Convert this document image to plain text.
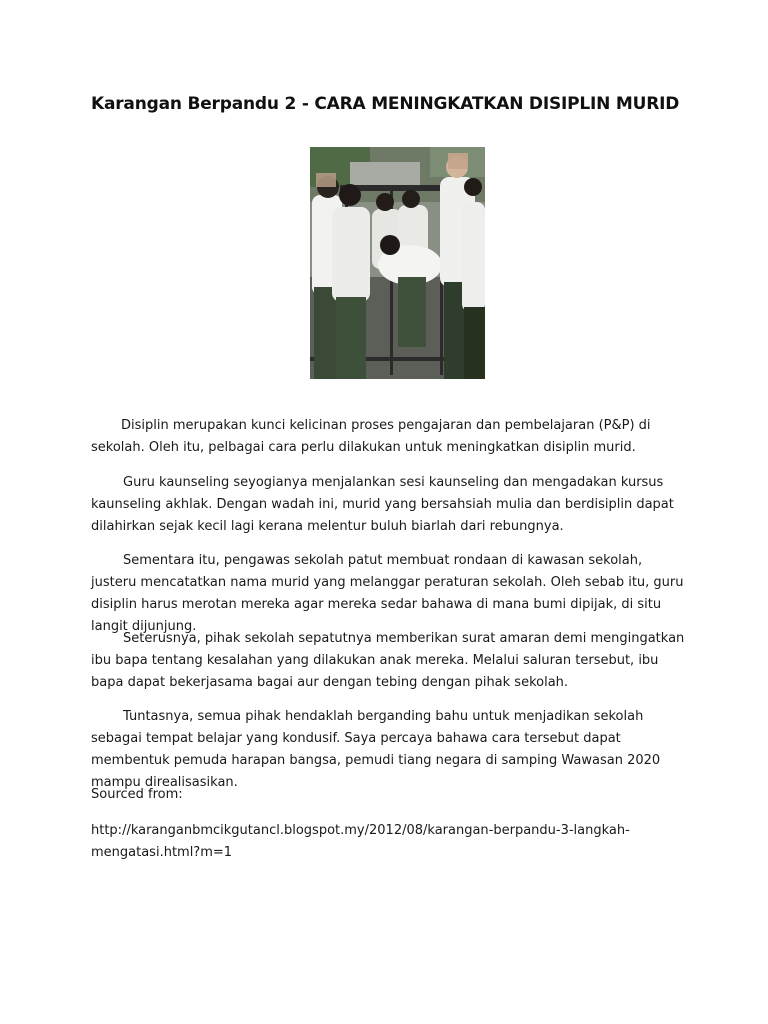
Karangan Berpandu 2 - CARA MENINGKATKAN DISIPLIN MURID

Disiplin merupakan kunci kelicinan proses pengajaran dan pembelajaran (P&P) di sekolah. Oleh itu, pelbagai cara perlu dilakukan untuk meningkatkan disiplin murid.

Guru kaunseling seyogianya menjalankan sesi kaunseling dan mengadakan kursus kaunseling akhlak. Dengan wadah ini, murid yang bersahsiah mulia dan berdisiplin dapat dilahirkan sejak kecil lagi kerana melentur buluh biarlah dari rebungnya.

Sementara itu, pengawas sekolah patut membuat rondaan di kawasan sekolah, justeru mencatatkan nama murid yang melanggar peraturan sekolah. Oleh sebab itu, guru disiplin harus merotan mereka agar mereka sedar bahawa di mana bumi dipijak, di situ langit dijunjung.

Seterusnya, pihak sekolah sepatutnya memberikan surat amaran demi mengingatkan ibu bapa tentang kesalahan yang dilakukan anak mereka. Melalui saluran tersebut, ibu bapa dapat bekerjasama bagai aur dengan tebing dengan pihak sekolah.

Tuntasnya, semua pihak hendaklah berganding bahu untuk menjadikan sekolah sebagai tempat belajar yang kondusif. Saya percaya bahawa cara tersebut dapat membentuk pemuda harapan bangsa, pemudi tiang negara di samping Wawasan 2020 mampu direalisasikan.

Sourced from:
http://karanganbmcikgutancl.blogspot.my/2012/08/karangan-berpandu-3-langkah-mengatasi.html?m=1
